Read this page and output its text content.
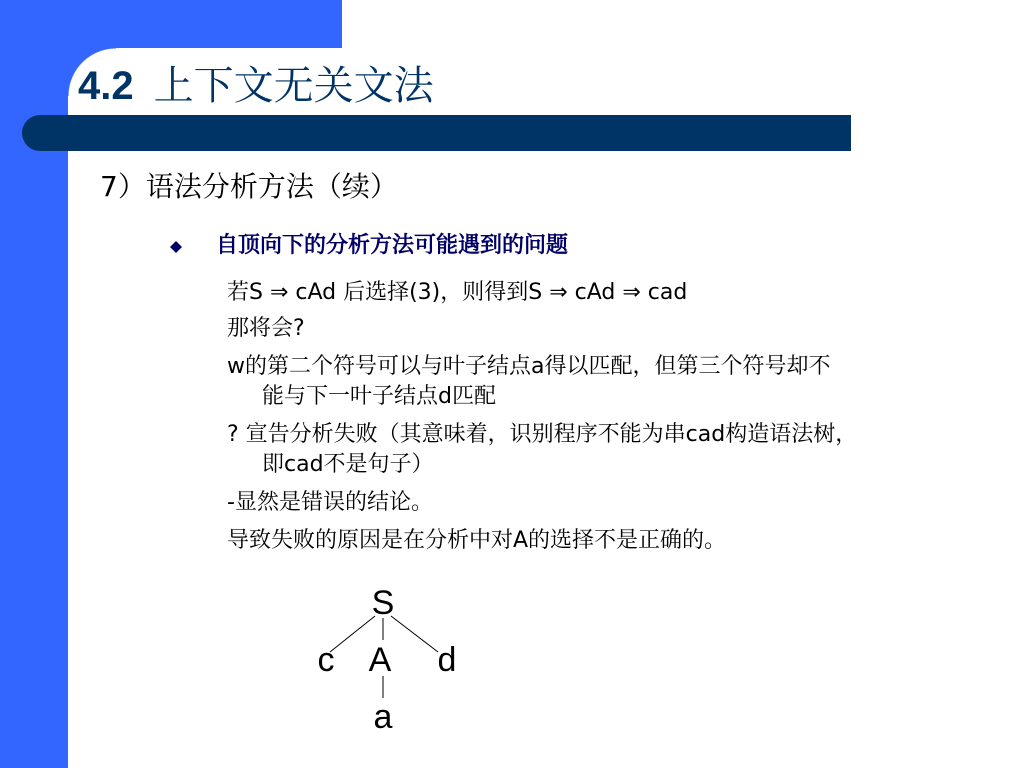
4.2 上下文无关文法
7）语法分析方法（续）
自顶向下的分析方法可能遇到的问题
若S ⇒ cAd 后选择(3)，则得到S ⇒ cAd ⇒ cad
那将会?
w的第二个符号可以与叶子结点a得以匹配，但第三个符号却不
能与下一叶子结点d匹配
? 宣告分析失败（其意味着，识别程序不能为串cad构造语法树，
即cad不是句子）
-显然是错误的结论。
导致失败的原因是在分析中对A的选择不是正确的。
S
c A d
a
